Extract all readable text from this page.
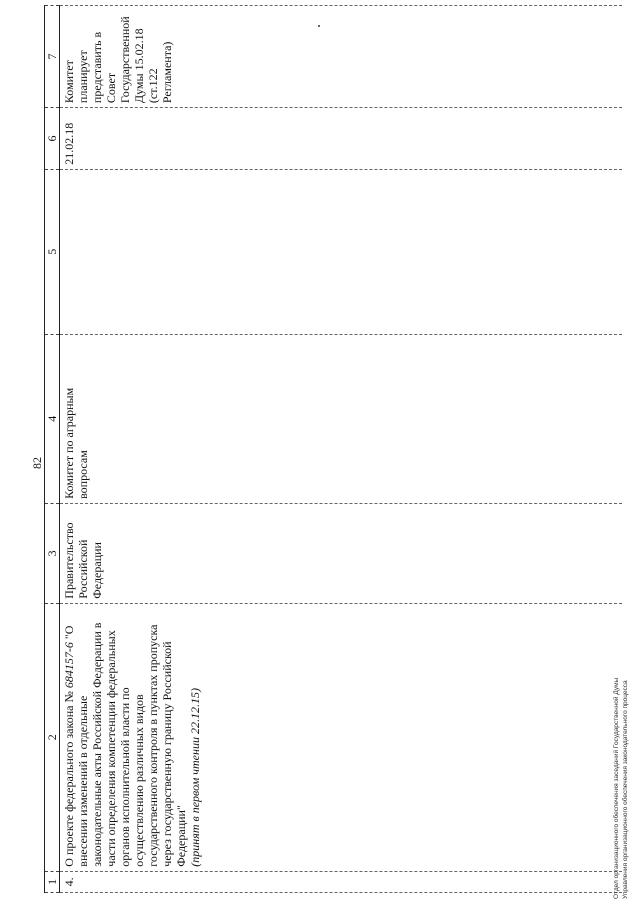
82
1	2	3	4	5	6	7
4.	О проекте федерального закона № 684157-6 "О внесении изменений в отдельные законодательные акты Российской Федерации в части определения компетенции федеральных органов исполнительной власти по осуществлению различных видов государственного контроля в пунктах пропуска через государственную границу Российской Федерации" (принят в первом чтении 22.12.15)	Правительство Российской Федерации	Комитет по аграрным вопросам		21.02.18	Комитет планирует представить в Совет Государственной Думы 15.02.18 (ст.122 Регламента)
Отдел организационного обеспечения заседаний Государственной Думы Управления организационного обеспечения законодательного процесса
